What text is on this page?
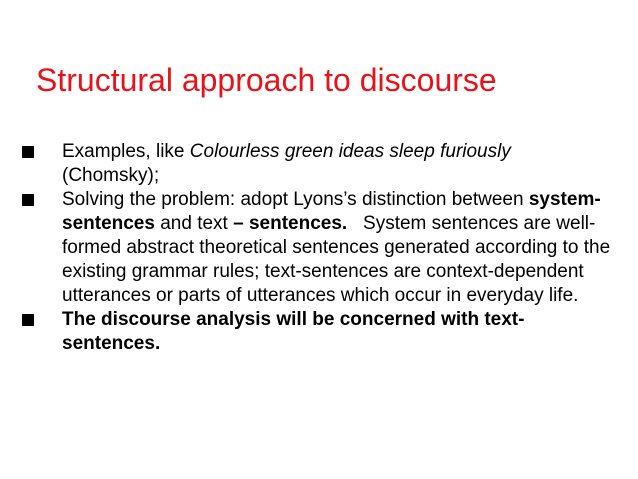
Structural approach to discourse
Examples, like Colourless green ideas sleep furiously
(Chomsky);
Solving the problem: adopt Lyons’s distinction between system-sentences and text – sentences.   System sentences are well-formed abstract theoretical sentences generated according to the existing grammar rules; text-sentences are context-dependent utterances or parts of utterances which occur in everyday life.
The discourse analysis will be concerned with text-sentences.
